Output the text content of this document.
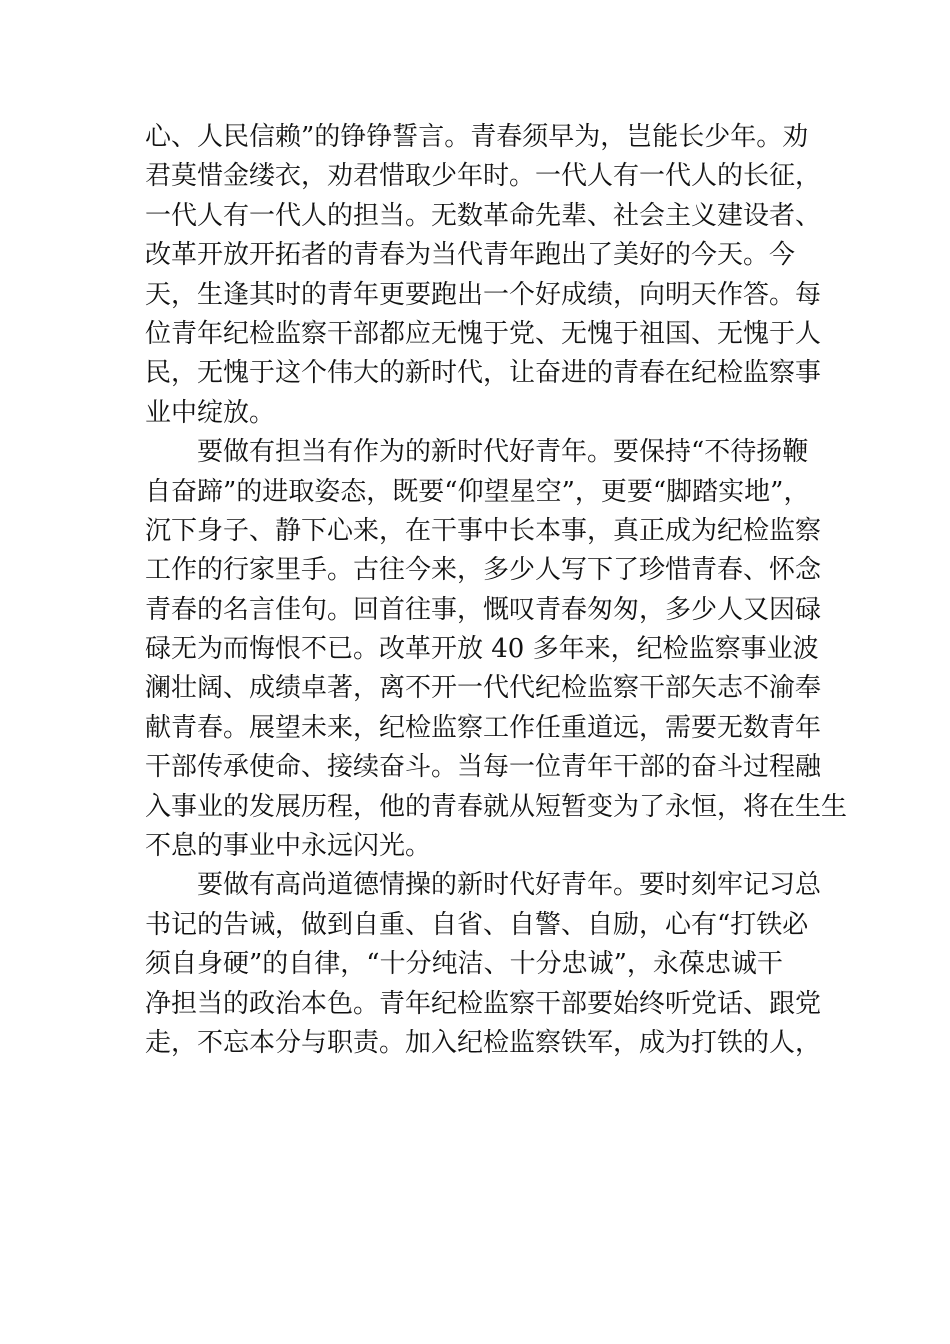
心、人民信赖”的铮铮誓言。青春须早为，岂能长少年。劝
君莫惜金缕衣，劝君惜取少年时。一代人有一代人的长征，
一代人有一代人的担当。无数革命先辈、社会主义建设者、
改革开放开拓者的青春为当代青年跑出了美好的今天。今
天，生逢其时的青年更要跑出一个好成绩，向明天作答。每
位青年纪检监察干部都应无愧于党、无愧于祖国、无愧于人
民，无愧于这个伟大的新时代，让奋进的青春在纪检监察事
业中绽放。
要做有担当有作为的新时代好青年。要保持“不待扬鞭
自奋蹄”的进取姿态，既要“仰望星空”，更要“脚踏实地”，
沉下身子、静下心来，在干事中长本事，真正成为纪检监察
工作的行家里手。古往今来，多少人写下了珍惜青春、怀念
青春的名言佳句。回首往事，慨叹青春匆匆，多少人又因碌
碌无为而悔恨不已。改革开放 40 多年来，纪检监察事业波
澜壮阔、成绩卓著，离不开一代代纪检监察干部矢志不渝奉
献青春。展望未来，纪检监察工作任重道远，需要无数青年
干部传承使命、接续奋斗。当每一位青年干部的奋斗过程融
入事业的发展历程，他的青春就从短暂变为了永恒，将在生生
不息的事业中永远闪光。
要做有高尚道德情操的新时代好青年。要时刻牢记习总
书记的告诫，做到自重、自省、自警、自励，心有“打铁必
须自身硬”的自律，“十分纯洁、十分忠诚”，永葆忠诚干
净担当的政治本色。青年纪检监察干部要始终听党话、跟党
走，不忘本分与职责。加入纪检监察铁军，成为打铁的人，
